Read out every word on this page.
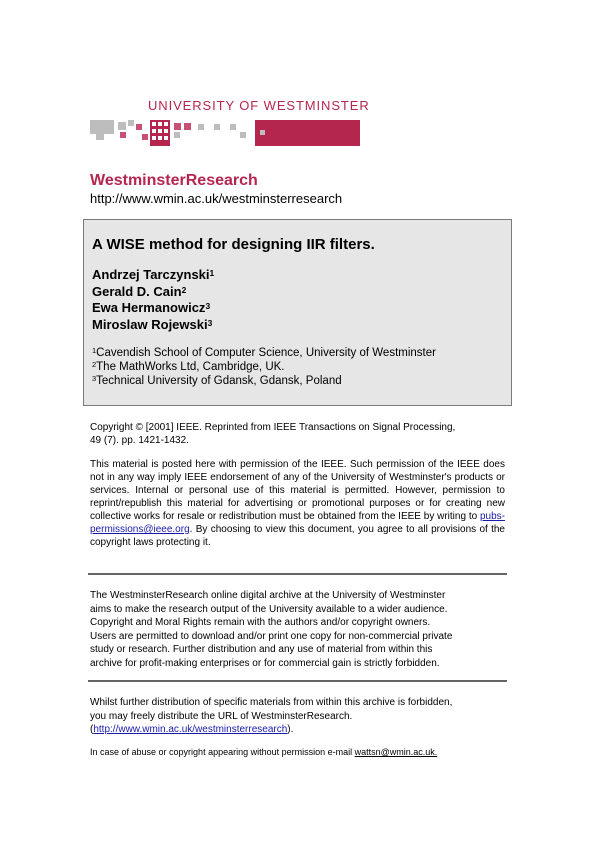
UNIVERSITY OF WESTMINSTER
WestminsterResearch
http://www.wmin.ac.uk/westminsterresearch
A WISE method for designing IIR filters.
Andrzej Tarczynski$^1$
Gerald D. Cain$^2$
Ewa Hermanowicz$^3$
Miroslaw Rojewski$^3$
$^1$Cavendish School of Computer Science, University of Westminster
$^2$The MathWorks Ltd, Cambridge, UK.
$^3$Technical University of Gdansk, Gdansk, Poland
Copyright © [2001] IEEE. Reprinted from IEEE Transactions on Signal Processing,
49 (7). pp. 1421-1432.
This material is posted here with permission of the IEEE. Such permission of the IEEE does not in any way imply IEEE endorsement of any of the University of Westminster's products or services. Internal or personal use of this material is permitted. However, permission to reprint/republish this material for advertising or promotional purposes or for creating new collective works for resale or redistribution must be obtained from the IEEE by writing to pubs-permissions@ieee.org. By choosing to view this document, you agree to all provisions of the copyright laws protecting it.
The WestminsterResearch online digital archive at the University of Westminster
aims to make the research output of the University available to a wider audience.
Copyright and Moral Rights remain with the authors and/or copyright owners.
Users are permitted to download and/or print one copy for non-commercial private
study or research. Further distribution and any use of material from within this
archive for profit-making enterprises or for commercial gain is strictly forbidden.
Whilst further distribution of specific materials from within this archive is forbidden,
you may freely distribute the URL of WestminsterResearch.
(http://www.wmin.ac.uk/westminsterresearch).
In case of abuse or copyright appearing without permission e-mail wattsn@wmin.ac.uk.
